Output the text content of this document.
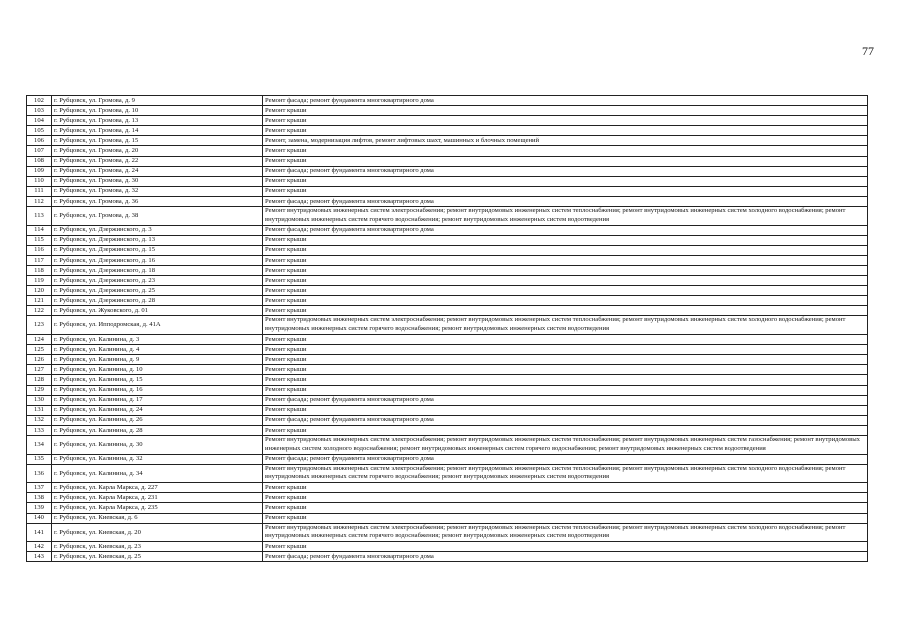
77
102	г. Рубцовск, ул. Громова, д. 9	Ремонт фасада; ремонт фундамента многоквартирного дома
103	г. Рубцовск, ул. Громова, д. 10	Ремонт крыши
104	г. Рубцовск, ул. Громова, д. 13	Ремонт крыши
105	г. Рубцовск, ул. Громова, д. 14	Ремонт крыши
106	г. Рубцовск, ул. Громова, д. 15	Ремонт, замена, модернизация лифтов, ремонт лифтовых шахт, машинных и блочных помещений
107	г. Рубцовск, ул. Громова, д. 20	Ремонт крыши
108	г. Рубцовск, ул. Громова, д. 22	Ремонт крыши
109	г. Рубцовск, ул. Громова, д. 24	Ремонт фасада; ремонт фундамента многоквартирного дома
110	г. Рубцовск, ул. Громова, д. 30	Ремонт крыши
111	г. Рубцовск, ул. Громова, д. 32	Ремонт крыши
112	г. Рубцовск, ул. Громова, д. 36	Ремонт фасада; ремонт фундамента многоквартирного дома
113	г. Рубцовск, ул. Громова, д. 38	Ремонт внутридомовых инженерных систем электроснабжения; ремонт внутридомовых инженерных систем теплоснабжения; ремонт внутридомовых инженерных систем холодного водоснабжения; ремонт внутридомовых инженерных систем горячего водоснабжения; ремонт внутридомовых инженерных систем водоотведения
114	г. Рубцовск, ул. Дзержинского, д. 3	Ремонт фасада; ремонт фундамента многоквартирного дома
115	г. Рубцовск, ул. Дзержинского, д. 13	Ремонт крыши
116	г. Рубцовск, ул. Дзержинского, д. 15	Ремонт крыши
117	г. Рубцовск, ул. Дзержинского, д. 16	Ремонт крыши
118	г. Рубцовск, ул. Дзержинского, д. 18	Ремонт крыши
119	г. Рубцовск, ул. Дзержинского, д. 23	Ремонт крыши
120	г. Рубцовск, ул. Дзержинского, д. 25	Ремонт крыши
121	г. Рубцовск, ул. Дзержинского, д. 28	Ремонт крыши
122	г. Рубцовск, ул. Жуковского, д. 01	Ремонт крыши
123	г. Рубцовск, ул. Ипподромская, д. 41А	Ремонт внутридомовых инженерных систем электроснабжения; ремонт внутридомовых инженерных систем теплоснабжения; ремонт внутридомовых инженерных систем холодного водоснабжения; ремонт внутридомовых инженерных систем горячего водоснабжения; ремонт внутридомовых инженерных систем водоотведения
124	г. Рубцовск, ул. Калинина, д. 3	Ремонт крыши
125	г. Рубцовск, ул. Калинина, д. 4	Ремонт крыши
126	г. Рубцовск, ул. Калинина, д. 9	Ремонт крыши
127	г. Рубцовск, ул. Калинина, д. 10	Ремонт крыши
128	г. Рубцовск, ул. Калинина, д. 15	Ремонт крыши
129	г. Рубцовск, ул. Калинина, д. 16	Ремонт крыши
130	г. Рубцовск, ул. Калинина, д. 17	Ремонт фасада; ремонт фундамента многоквартирного дома
131	г. Рубцовск, ул. Калинина, д. 24	Ремонт крыши
132	г. Рубцовск, ул. Калинина, д. 26	Ремонт фасада; ремонт фундамента многоквартирного дома
133	г. Рубцовск, ул. Калинина, д. 28	Ремонт крыши
134	г. Рубцовск, ул. Калинина, д. 30	Ремонт внутридомовых инженерных систем электроснабжения; ремонт внутридомовых инженерных систем теплоснабжения; ремонт внутридомовых инженерных систем газоснабжения; ремонт внутридомовых инженерных систем холодного водоснабжения; ремонт внутридомовых инженерных систем горячего водоснабжения; ремонт внутридомовых инженерных систем водоотведения
135	г. Рубцовск, ул. Калинина, д. 32	Ремонт фасада; ремонт фундамента многоквартирного дома
136	г. Рубцовск, ул. Калинина, д. 34	Ремонт внутридомовых инженерных систем электроснабжения; ремонт внутридомовых инженерных систем теплоснабжения; ремонт внутридомовых инженерных систем холодного водоснабжения; ремонт внутридомовых инженерных систем горячего водоснабжения; ремонт внутридомовых инженерных систем водоотведения
137	г. Рубцовск, ул. Карла Маркса, д. 227	Ремонт крыши
138	г. Рубцовск, ул. Карла Маркса, д. 231	Ремонт крыши
139	г. Рубцовск, ул. Карла Маркса, д. 235	Ремонт крыши
140	г. Рубцовск, ул. Киевская, д. 6	Ремонт крыши
141	г. Рубцовск, ул. Киевская, д. 20	Ремонт внутридомовых инженерных систем электроснабжения; ремонт внутридомовых инженерных систем теплоснабжения; ремонт внутридомовых инженерных систем холодного водоснабжения; ремонт внутридомовых инженерных систем горячего водоснабжения; ремонт внутридомовых инженерных систем водоотведения
142	г. Рубцовск, ул. Киевская, д. 23	Ремонт крыши
143	г. Рубцовск, ул. Киевская, д. 25	Ремонт фасада; ремонт фундамента многоквартирного дома
